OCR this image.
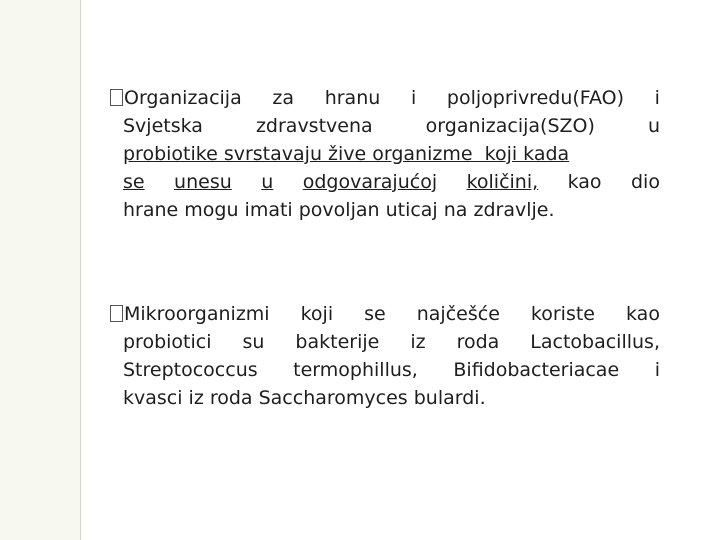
Organizacija za hranu i poljoprivredu(FAO) i
Svjetska	zdravstvena	organizacija(SZO)	u
probiotike svrstavaju žive organizme  koji kada
se unesu u odgovarajućoj količini, kao dio
hrane mogu imati povoljan uticaj na zdravlje.
Mikroorganizmi koji se najčešće koriste kao
probiotici su bakterije iz roda Lactobacillus,
Streptococcus termophillus, Bifidobacteriacae i
kvasci iz roda Saccharomyces bulardi.
